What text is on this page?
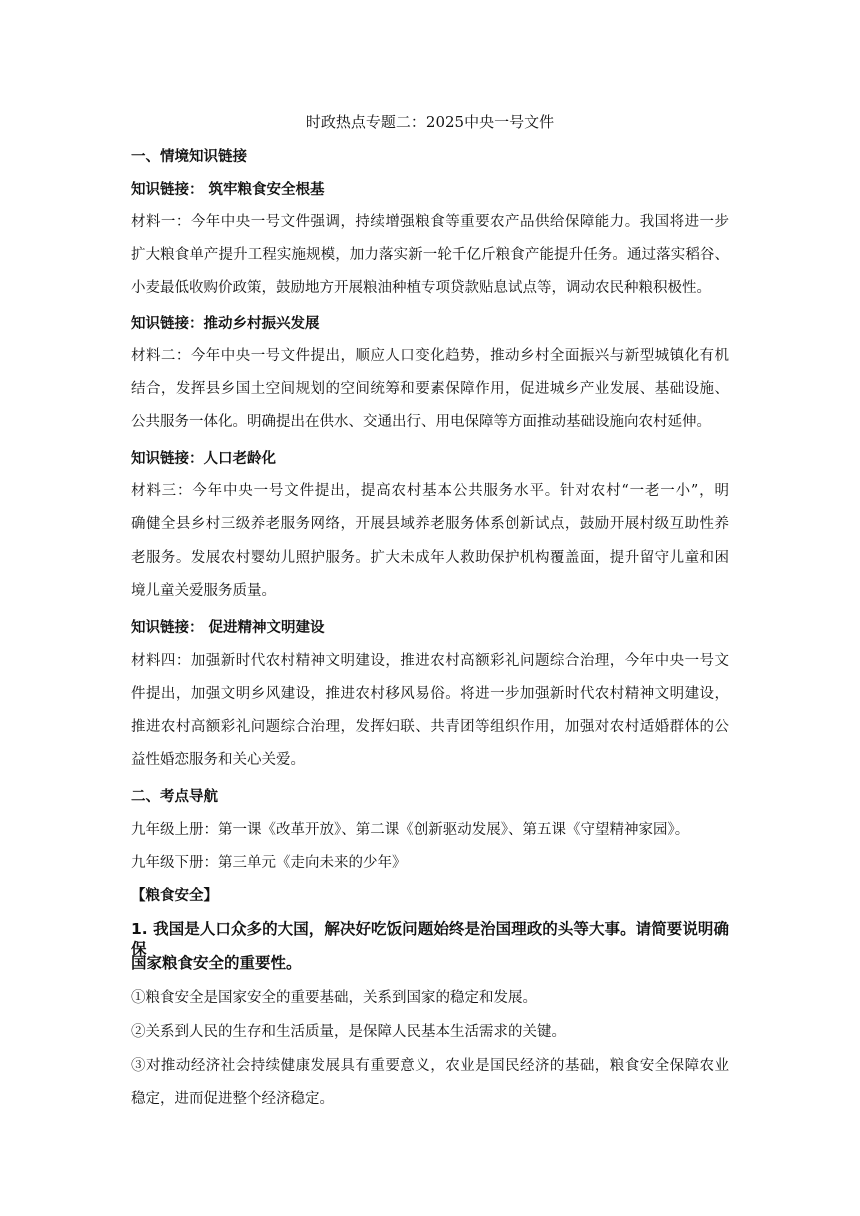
时政热点专题二：2025中央一号文件
一、情境知识链接
知识链接： 筑牢粮食安全根基
材料一：今年中央一号文件强调，持续增强粮食等重要农产品供给保障能力。我国将进一步
扩大粮食单产提升工程实施规模，加力落实新一轮千亿斤粮食产能提升任务。通过落实稻谷、
小麦最低收购价政策，鼓励地方开展粮油种植专项贷款贴息试点等，调动农民种粮积极性。
知识链接：推动乡村振兴发展
材料二：今年中央一号文件提出，顺应人口变化趋势，推动乡村全面振兴与新型城镇化有机
结合，发挥县乡国土空间规划的空间统筹和要素保障作用，促进城乡产业发展、基础设施、
公共服务一体化。明确提出在供水、交通出行、用电保障等方面推动基础设施向农村延伸。
知识链接：人口老龄化
材料三：今年中央一号文件提出，提高农村基本公共服务水平。针对农村“一老一小”，明
确健全县乡村三级养老服务网络，开展县域养老服务体系创新试点，鼓励开展村级互助性养
老服务。发展农村婴幼儿照护服务。扩大未成年人救助保护机构覆盖面，提升留守儿童和困
境儿童关爱服务质量。
知识链接： 促进精神文明建设
材料四：加强新时代农村精神文明建设，推进农村高额彩礼问题综合治理，今年中央一号文
件提出，加强文明乡风建设，推进农村移风易俗。将进一步加强新时代农村精神文明建设，
推进农村高额彩礼问题综合治理，发挥妇联、共青团等组织作用，加强对农村适婚群体的公
益性婚恋服务和关心关爱。
二、考点导航
九年级上册：第一课《改革开放》、第二课《创新驱动发展》、第五课《守望精神家园》。
九年级下册：第三单元《走向未来的少年》
【粮食安全】
1. 我国是人口众多的大国，解决好吃饭问题始终是治国理政的头等大事。请简要说明确保
国家粮食安全的重要性。
①粮食安全是国家安全的重要基础，关系到国家的稳定和发展。
②关系到人民的生存和生活质量，是保障人民基本生活需求的关键。
③对推动经济社会持续健康发展具有重要意义，农业是国民经济的基础，粮食安全保障农业
稳定，进而促进整个经济稳定。
